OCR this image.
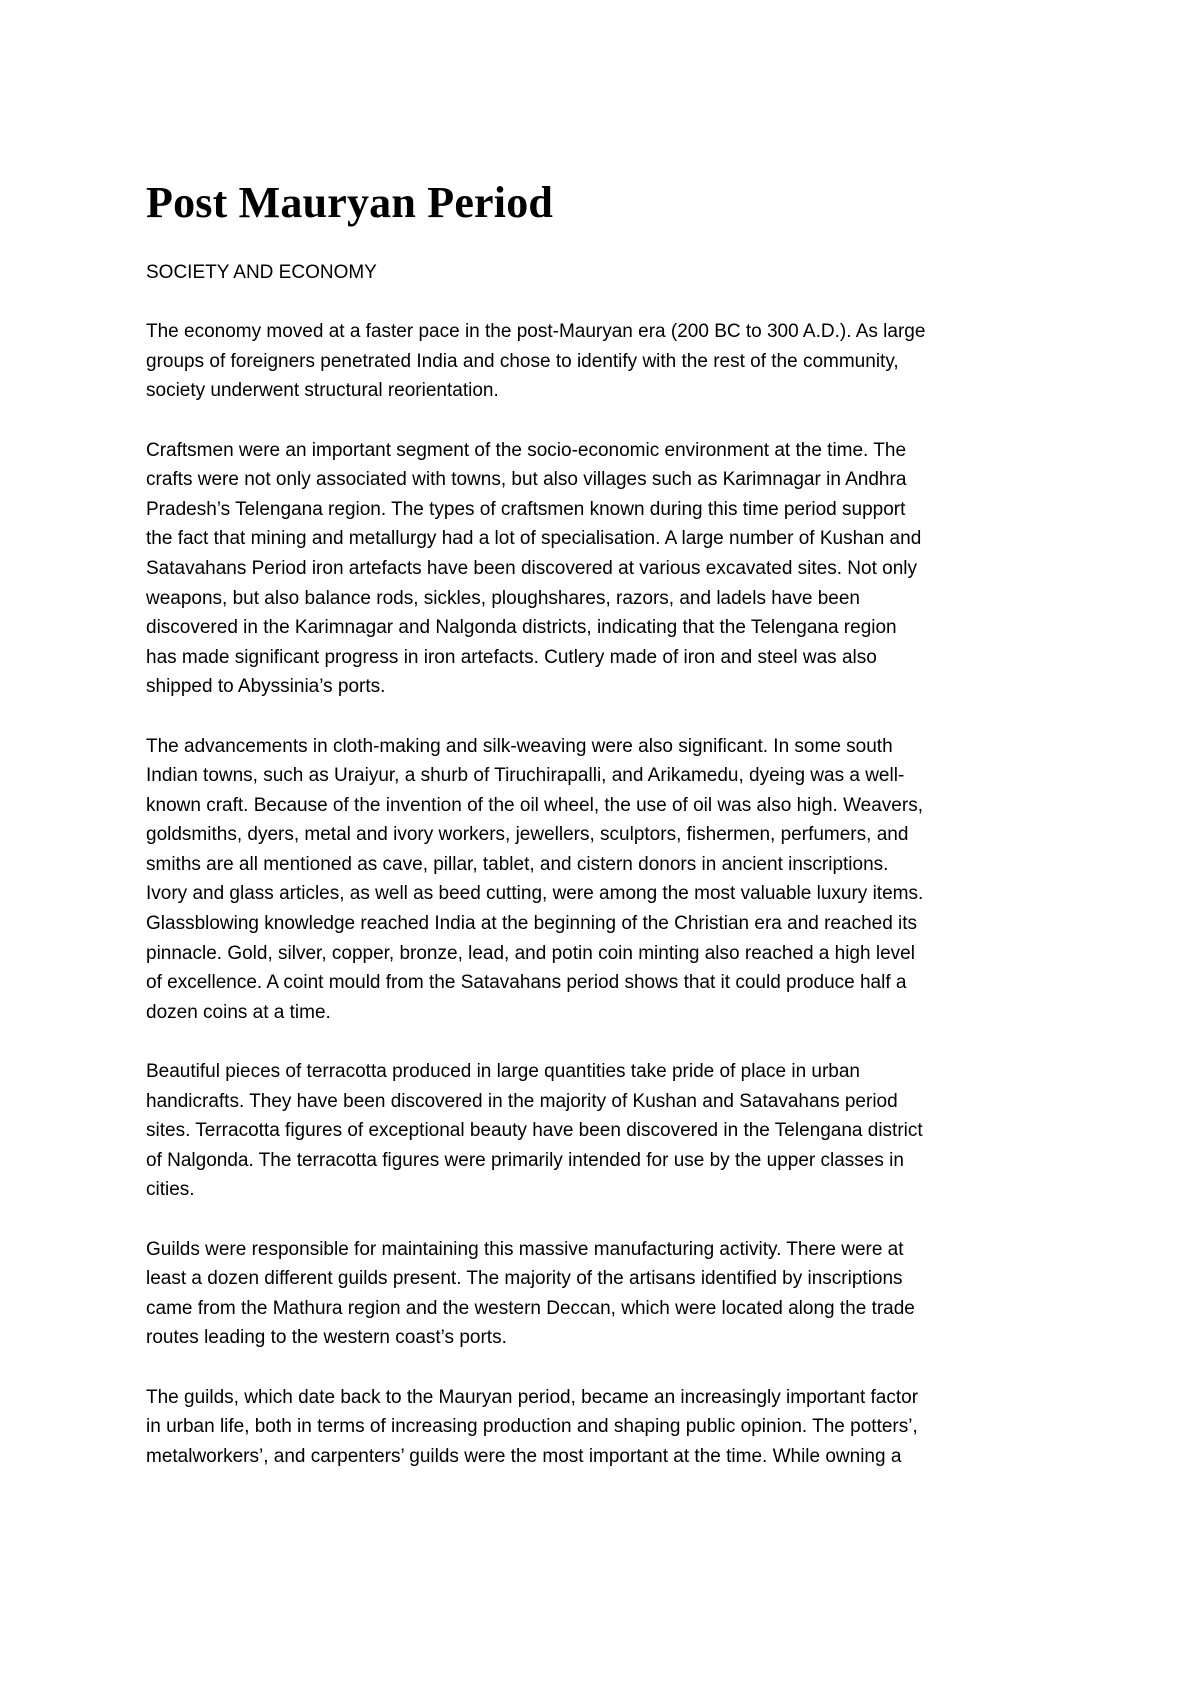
Post Mauryan Period
SOCIETY AND ECONOMY

The economy moved at a faster pace in the post-Mauryan era (200 BC to 300 A.D.). As large
groups of foreigners penetrated India and chose to identify with the rest of the community,
society underwent structural reorientation.

Craftsmen were an important segment of the socio-economic environment at the time. The
crafts were not only associated with towns, but also villages such as Karimnagar in Andhra
Pradesh’s Telengana region. The types of craftsmen known during this time period support
the fact that mining and metallurgy had a lot of specialisation. A large number of Kushan and
Satavahans Period iron artefacts have been discovered at various excavated sites. Not only
weapons, but also balance rods, sickles, ploughshares, razors, and ladels have been
discovered in the Karimnagar and Nalgonda districts, indicating that the Telengana region
has made significant progress in iron artefacts. Cutlery made of iron and steel was also
shipped to Abyssinia’s ports.

The advancements in cloth-making and silk-weaving were also significant. In some south
Indian towns, such as Uraiyur, a shurb of Tiruchirapalli, and Arikamedu, dyeing was a well-
known craft. Because of the invention of the oil wheel, the use of oil was also high. Weavers,
goldsmiths, dyers, metal and ivory workers, jewellers, sculptors, fishermen, perfumers, and
smiths are all mentioned as cave, pillar, tablet, and cistern donors in ancient inscriptions.
Ivory and glass articles, as well as beed cutting, were among the most valuable luxury items.
Glassblowing knowledge reached India at the beginning of the Christian era and reached its
pinnacle. Gold, silver, copper, bronze, lead, and potin coin minting also reached a high level
of excellence. A coint mould from the Satavahans period shows that it could produce half a
dozen coins at a time.

Beautiful pieces of terracotta produced in large quantities take pride of place in urban
handicrafts. They have been discovered in the majority of Kushan and Satavahans period
sites. Terracotta figures of exceptional beauty have been discovered in the Telengana district
of Nalgonda. The terracotta figures were primarily intended for use by the upper classes in
cities.

Guilds were responsible for maintaining this massive manufacturing activity. There were at
least a dozen different guilds present. The majority of the artisans identified by inscriptions
came from the Mathura region and the western Deccan, which were located along the trade
routes leading to the western coast’s ports.

The guilds, which date back to the Mauryan period, became an increasingly important factor
in urban life, both in terms of increasing production and shaping public opinion. The potters’,
metalworkers’, and carpenters’ guilds were the most important at the time. While owning a
